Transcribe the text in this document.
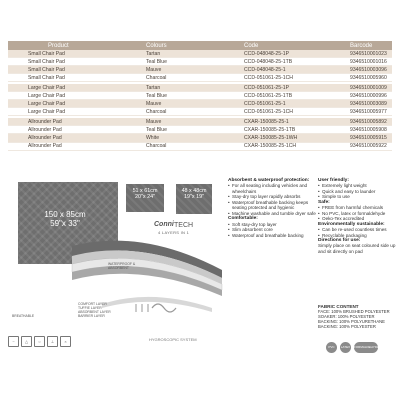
Product	Colours	Code	Barcode
Small Chair Pad	Tartan	CCD-048048-25-1P	9346510001023
Small Chair Pad	Teal Blue	CCD-048048-25-1TB	9346510001016
Small Chair Pad	Mauve	CCD-048048-25-1	9346510003096
Small Chair Pad	Charcoal	CCD-051061-25-1CH	9346510005960

Large Chair Pad	Tartan	CCD-051061-25-1P	9346510001009
Large Chair Pad	Teal Blue	CCD-051061-25-1TB	9346510000996
Large Chair Pad	Mauve	CCD-051061-25-1	9346510003089
Large Chair Pad	Charcoal	CCD-051061-25-1CH	9346510005977

Allrounder Pad	Mauve	CXAR-150085-25-1	9346510005892
Allrounder Pad	Teal Blue	CXAR-150085-25-1TB	9346510005908
Allrounder Pad	White	CXAR-150085-25-1WH	9346510005915
Allrounder Pad	Charcoal	CXAR-150085-25-1CH	9346510005922
150 x 85cm
59"x 33"
51 x 61cm
20"x 24"
48 x 48cm
19"x 19"
WATERPROOF & ABSORBENT
COMFORT LAYER
TUFFIE LAYER
ABSORBENT LAYER
BARRIER LAYER
BREATHABLE
Conni TECH
4 LAYERS IN 1
HYGROSCOPIC SYSTEM
Absorbent & waterproof protection:
• For all seating including vehicles and wheelchairs
• Stay-dry top layer rapidly absorbs
• Waterproof breathable backing keeps seating protected and hygienic
• Machine washable and tumble dryer safe
Comfortable:
• Soft stay-dry top layer
• Slim absorbent core
• Waterproof and breathable backing
User friendly:
• Extremely light weight
• Quick and easy to launder
• Simple to use
Safe:
• FREE from harmful chemicals
• No PVC, latex or formaldehyde
• Oeko-Tex accredited
Environmentally sustainable:
• Can be re-used countless times
• Recyclable packaging
Directions for use:
Simply place on seat coloured side up and sit directly on pad
FABRIC CONTENT
FACE: 100% BRUSHED POLYESTER
SOAKER: 100% POLYESTER
BACKING: 100% POLYURETHANE
BACKING: 100% POLYESTER
~	△	○	⊥	×
PVC	LATEX FORMALDEHYDE
